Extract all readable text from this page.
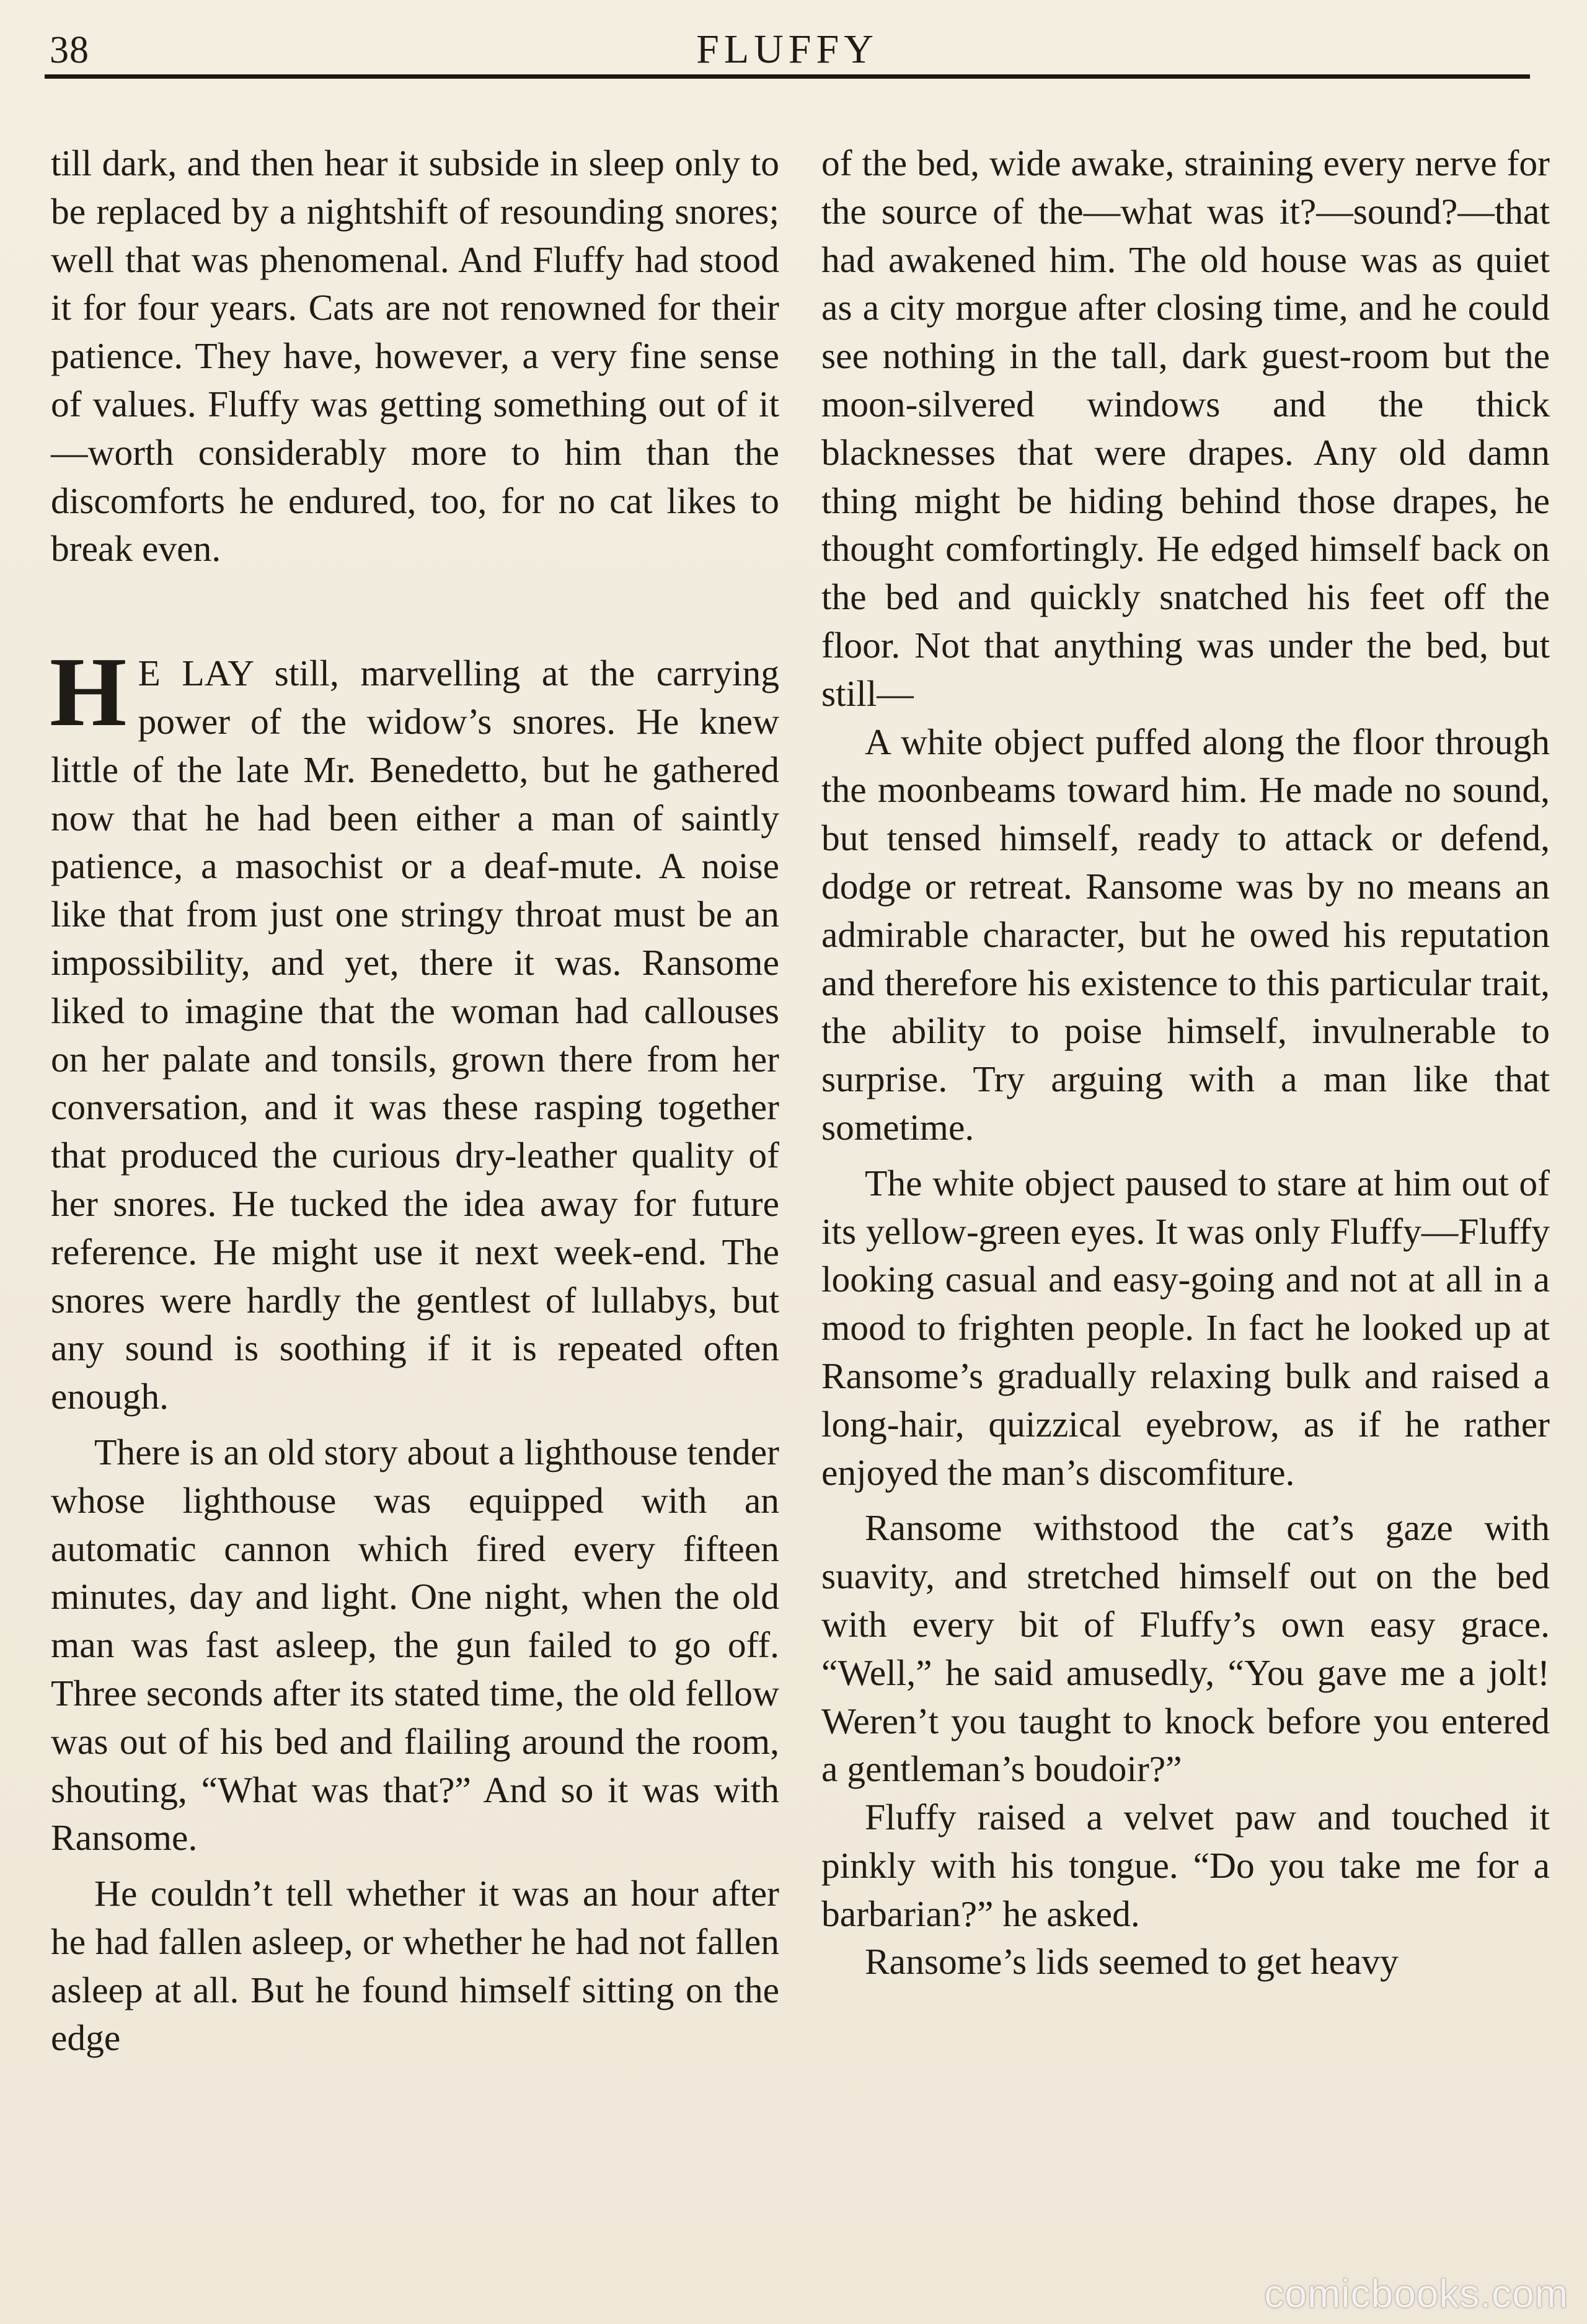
38	FLUFFY

till dark, and then hear it subside in sleep only to be replaced by a nightshift of resounding snores; well that was phenomenal. And Fluffy had stood it for four years. Cats are not renowned for their patience. They have, however, a very fine sense of values. Fluffy was getting something out of it—worth considerably more to him than the discomforts he endured, too, for no cat likes to break even.

H E LAY still, marvelling at the carrying power of the widow’s snores. He knew little of the late Mr. Benedetto, but he gathered now that he had been either a man of saintly patience, a masochist or a deaf-mute. A noise like that from just one stringy throat must be an impossibility, and yet, there it was. Ransome liked to imagine that the woman had callouses on her palate and tonsils, grown there from her conversation, and it was these rasping together that produced the curious dry-leather quality of her snores. He tucked the idea away for future reference. He might use it next week-end. The snores were hardly the gentlest of lullabys, but any sound is soothing if it is repeated often enough.

There is an old story about a lighthouse tender whose lighthouse was equipped with an automatic cannon which fired every fifteen minutes, day and light. One night, when the old man was fast asleep, the gun failed to go off. Three seconds after its stated time, the old fellow was out of his bed and flailing around the room, shouting, “What was that?” And so it was with Ransome.

He couldn’t tell whether it was an hour after he had fallen asleep, or whether he had not fallen asleep at all. But he found himself sitting on the edge

of the bed, wide awake, straining every nerve for the source of the—what was it?—sound?—that had awakened him. The old house was as quiet as a city morgue after closing time, and he could see nothing in the tall, dark guest-room but the moon-silvered windows and the thick blacknesses that were drapes. Any old damn thing might be hiding behind those drapes, he thought comfortingly. He edged himself back on the bed and quickly snatched his feet off the floor. Not that anything was under the bed, but still—

A white object puffed along the floor through the moonbeams toward him. He made no sound, but tensed himself, ready to attack or defend, dodge or retreat. Ransome was by no means an admirable character, but he owed his reputation and therefore his existence to this particular trait, the ability to poise himself, invulnerable to surprise. Try arguing with a man like that sometime.

The white object paused to stare at him out of its yellow-green eyes. It was only Fluffy—Fluffy looking casual and easy-going and not at all in a mood to frighten people. In fact he looked up at Ransome’s gradually relaxing bulk and raised a long-hair, quizzical eyebrow, as if he rather enjoyed the man’s discomfiture.

Ransome withstood the cat’s gaze with suavity, and stretched himself out on the bed with every bit of Fluffy’s own easy grace. “Well,” he said amusedly, “You gave me a jolt! Weren’t you taught to knock before you entered a gentleman’s boudoir?”

Fluffy raised a velvet paw and touched it pinkly with his tongue. “Do you take me for a barbarian?” he asked.

Ransome’s lids seemed to get heavy

comicbooks.com
